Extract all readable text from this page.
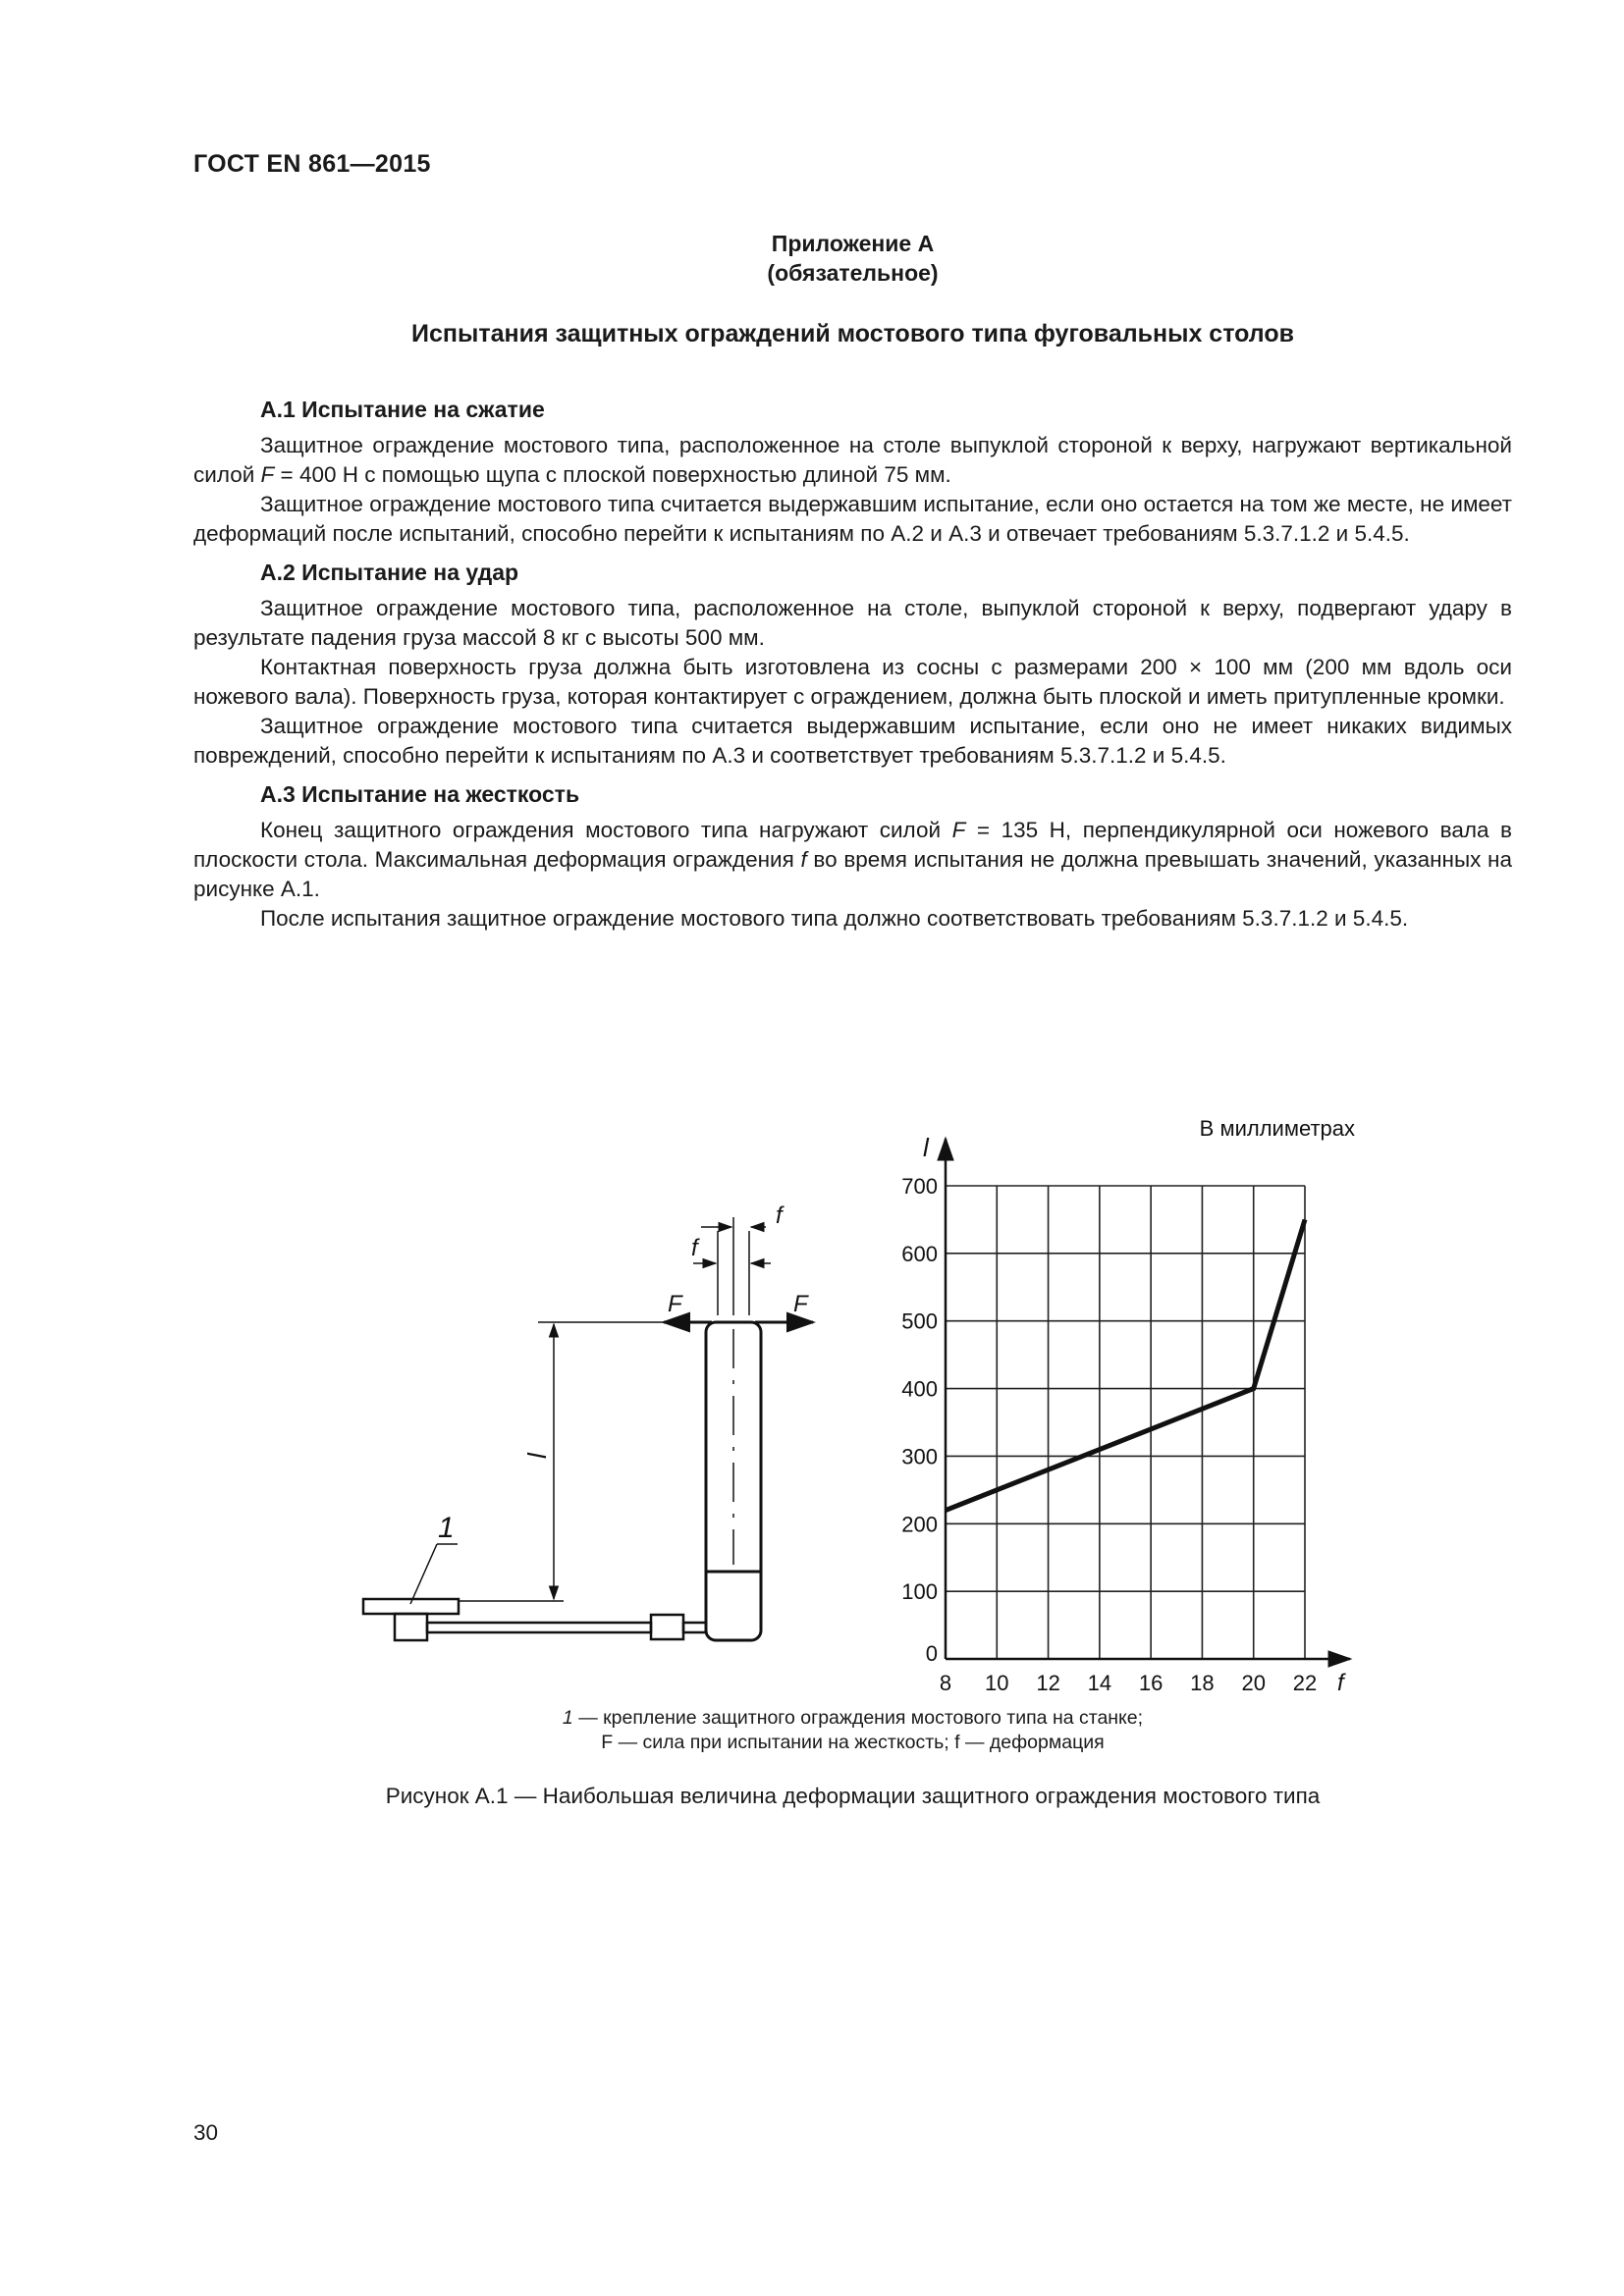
ГОСТ EN 861—2015
Приложение А
(обязательное)
Испытания защитных ограждений мостового типа фуговальных столов
А.1 Испытание на сжатие

Защитное ограждение мостового типа, расположенное на столе выпуклой стороной к верху, нагружают вертикальной силой F = 400 Н с помощью щупа с плоской поверхностью длиной 75 мм.

Защитное ограждение мостового типа считается выдержавшим испытание, если оно остается на том же месте, не имеет деформаций после испытаний, способно перейти к испытаниям по А.2 и А.3 и отвечает требованиям 5.3.7.1.2 и 5.4.5.

А.2 Испытание на удар

Защитное ограждение мостового типа, расположенное на столе, выпуклой стороной к верху, подвергают удару в результате падения груза массой 8 кг с высоты 500 мм.

Контактная поверхность груза должна быть изготовлена из сосны с размерами 200 × 100 мм (200 мм вдоль оси ножевого вала). Поверхность груза, которая контактирует с ограждением, должна быть плоской и иметь притупленные кромки.

Защитное ограждение мостового типа считается выдержавшим испытание, если оно не имеет никаких видимых повреждений, способно перейти к испытаниям по А.3 и соответствует требованиям 5.3.7.1.2 и 5.4.5.

А.3 Испытание на жесткость

Конец защитного ограждения мостового типа нагружают силой F = 135 Н, перпендикулярной оси ножевого вала в плоскости стола. Максимальная деформация ограждения f во время испытания не должна превышать значений, указанных на рисунке А.1.

После испытания защитное ограждение мостового типа должно соответствовать требованиям 5.3.7.1.2 и 5.4.5.

f
f
F	F
l
1
8 10 12 14 16 18 20 22
0
100
200
300
400
500
600
700
f
l
В миллиметрах
1 — крепление защитного ограждения мостового типа на станке;
F — сила при испытании на жесткость; f — деформация
Рисунок А.1 — Наибольшая величина деформации защитного ограждения мостового типа
30
